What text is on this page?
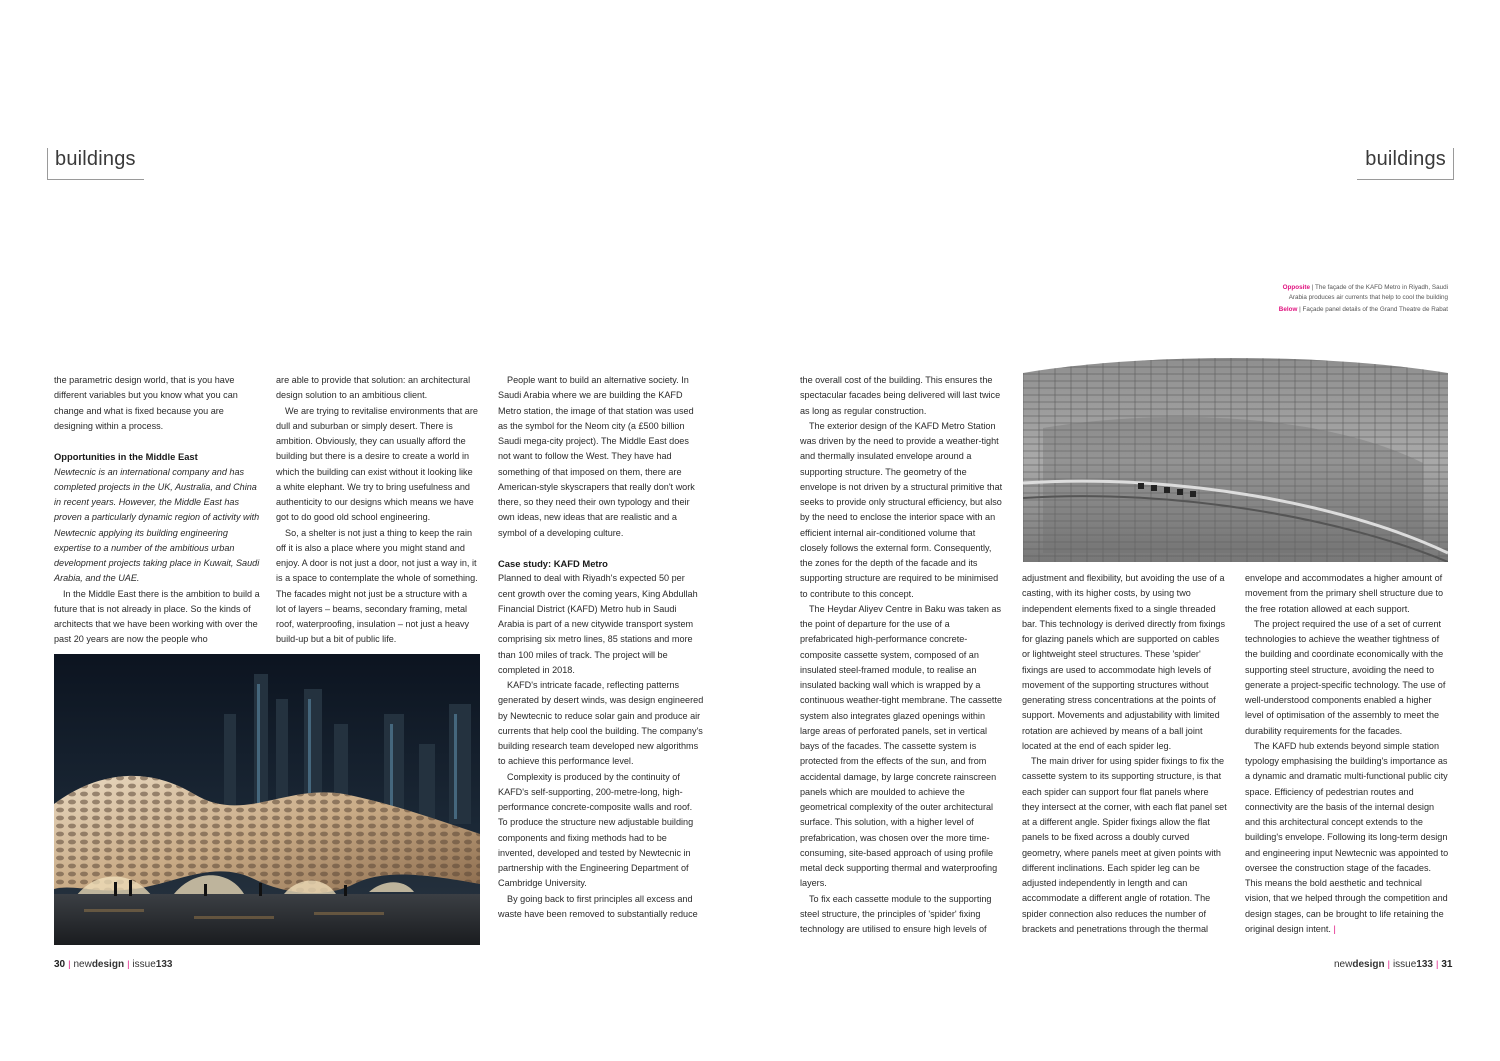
buildings	buildings
Opposite | The façade of the KAFD Metro in Riyadh, Saudi
Arabia produces air currents that help to cool the building
Below | Façade panel details of the Grand Theatre de Rabat

the parametric design world, that is you have different variables but you know what you can change and what is fixed because you are designing within a process.

Opportunities in the Middle East

Newtecnic is an international company and has completed projects in the UK, Australia, and China in recent years. However, the Middle East has proven a particularly dynamic region of activity with Newtecnic applying its building engineering expertise to a number of the ambitious urban development projects taking place in Kuwait, Saudi Arabia, and the UAE.

In the Middle East there is the ambition to build a future that is not already in place. So the kinds of architects that we have been working with over the past 20 years are now the people who

are able to provide that solution: an architectural design solution to an ambitious client.

We are trying to revitalise environments that are dull and suburban or simply desert. There is ambition. Obviously, they can usually afford the building but there is a desire to create a world in which the building can exist without it looking like a white elephant. We try to bring usefulness and authenticity to our designs which means we have got to do good old school engineering.

So, a shelter is not just a thing to keep the rain off it is also a place where you might stand and enjoy. A door is not just a door, not just a way in, it is a space to contemplate the whole of something. The facades might not just be a structure with a lot of layers – beams, secondary framing, metal roof, waterproofing, insulation – not just a heavy build-up but a bit of public life.

People want to build an alternative society. In Saudi Arabia where we are building the KAFD Metro station, the image of that station was used as the symbol for the Neom city (a £500 billion Saudi mega-city project). The Middle East does not want to follow the West. They have had something of that imposed on them, there are American-style skyscrapers that really don't work there, so they need their own typology and their own ideas, new ideas that are realistic and a symbol of a developing culture.

Case study: KAFD Metro

Planned to deal with Riyadh's expected 50 per cent growth over the coming years, King Abdullah Financial District (KAFD) Metro hub in Saudi Arabia is part of a new citywide transport system comprising six metro lines, 85 stations and more than 100 miles of track. The project will be completed in 2018.

KAFD's intricate facade, reflecting patterns generated by desert winds, was design engineered by Newtecnic to reduce solar gain and produce air currents that help cool the building. The company's building research team developed new algorithms to achieve this performance level.

Complexity is produced by the continuity of KAFD's self-supporting, 200-metre-long, high-performance concrete-composite walls and roof. To produce the structure new adjustable building components and fixing methods had to be invented, developed and tested by Newtecnic in partnership with the Engineering Department of Cambridge University.

By going back to first principles all excess and waste have been removed to substantially reduce

the overall cost of the building. This ensures the spectacular facades being delivered will last twice as long as regular construction.

The exterior design of the KAFD Metro Station was driven by the need to provide a weather-tight and thermally insulated envelope around a supporting structure. The geometry of the envelope is not driven by a structural primitive that seeks to provide only structural efficiency, but also by the need to enclose the interior space with an efficient internal air-conditioned volume that closely follows the external form. Consequently, the zones for the depth of the facade and its supporting structure are required to be minimised to contribute to this concept.

The Heydar Aliyev Centre in Baku was taken as the point of departure for the use of a prefabricated high-performance concrete-composite cassette system, composed of an insulated steel-framed module, to realise an insulated backing wall which is wrapped by a continuous weather-tight membrane. The cassette system also integrates glazed openings within large areas of perforated panels, set in vertical bays of the facades. The cassette system is protected from the effects of the sun, and from accidental damage, by large concrete rainscreen panels which are moulded to achieve the geometrical complexity of the outer architectural surface. This solution, with a higher level of prefabrication, was chosen over the more time-consuming, site-based approach of using profile metal deck supporting thermal and waterproofing layers.

To fix each cassette module to the supporting steel structure, the principles of 'spider' fixing technology are utilised to ensure high levels of

adjustment and flexibility, but avoiding the use of a casting, with its higher costs, by using two independent elements fixed to a single threaded bar. This technology is derived directly from fixings for glazing panels which are supported on cables or lightweight steel structures. These 'spider' fixings are used to accommodate high levels of movement of the supporting structures without generating stress concentrations at the points of support. Movements and adjustability with limited rotation are achieved by means of a ball joint located at the end of each spider leg.

The main driver for using spider fixings to fix the cassette system to its supporting structure, is that each spider can support four flat panels where they intersect at the corner, with each flat panel set at a different angle. Spider fixings allow the flat panels to be fixed across a doubly curved geometry, where panels meet at given points with different inclinations. Each spider leg can be adjusted independently in length and can accommodate a different angle of rotation. The spider connection also reduces the number of brackets and penetrations through the thermal

envelope and accommodates a higher amount of movement from the primary shell structure due to the free rotation allowed at each support.

The project required the use of a set of current technologies to achieve the weather tightness of the building and coordinate economically with the supporting steel structure, avoiding the need to generate a project-specific technology. The use of well-understood components enabled a higher level of optimisation of the assembly to meet the durability requirements for the facades.

The KAFD hub extends beyond simple station typology emphasising the building's importance as a dynamic and dramatic multi-functional public city space. Efficiency of pedestrian routes and connectivity are the basis of the internal design and this architectural concept extends to the building's envelope. Following its long-term design and engineering input Newtecnic was appointed to oversee the construction stage of the facades. This means the bold aesthetic and technical vision, that we helped through the competition and design stages, can be brought to life retaining the original design intent. |

30 | newdesign | issue133	newdesign | issue133 | 31
